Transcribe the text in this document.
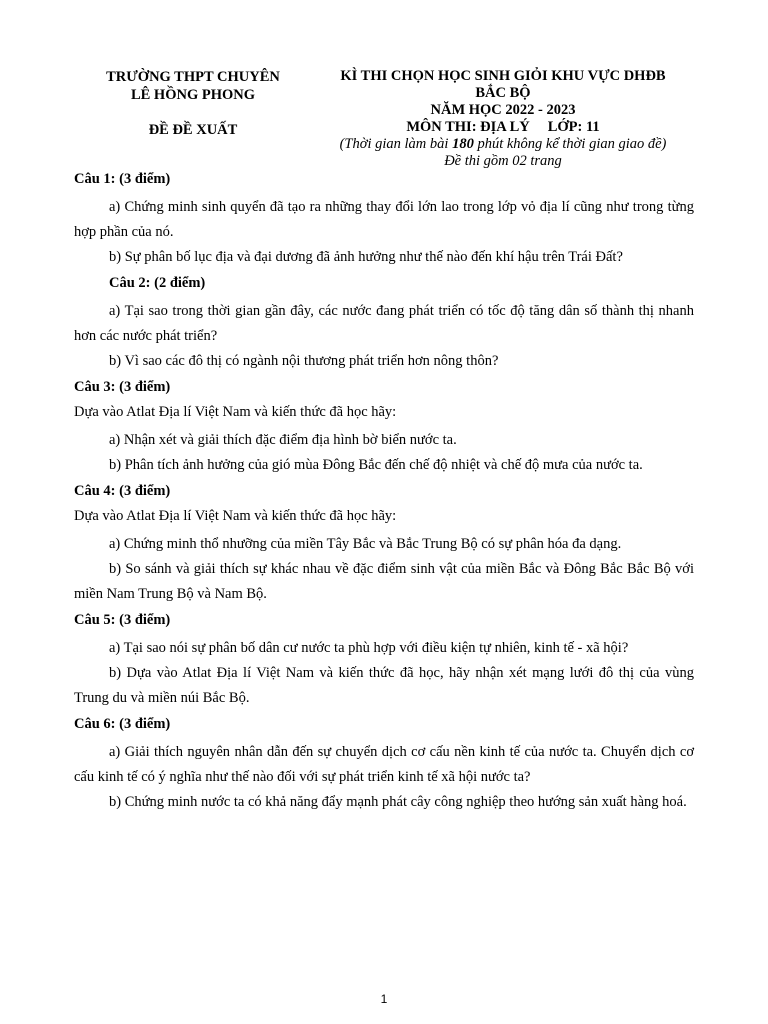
TRƯỜNG THPT CHUYÊN
LÊ HỒNG PHONG
ĐỀ ĐỀ XUẤT
KÌ THI CHỌN HỌC SINH GIỎI KHU VỰC DHĐB
BẮC BỘ
NĂM HỌC 2022 - 2023
MÔN THI: ĐỊA LÝ LỚP: 11
(Thời gian làm bài 180 phút không kể thời gian giao đề)
Đề thi gồm 02 trang
Câu 1: (3 điểm)
a) Chứng minh sinh quyển đã tạo ra những thay đổi lớn lao trong lớp vỏ địa lí cũng như trong từng hợp phần của nó.
b) Sự phân bố lục địa và đại dương đã ảnh hưởng như thế nào đến khí hậu trên Trái Đất?
Câu 2: (2 điểm)
a) Tại sao trong thời gian gần đây, các nước đang phát triển có tốc độ tăng dân số thành thị nhanh hơn các nước phát triển?
b) Vì sao các đô thị có ngành nội thương phát triển hơn nông thôn?
Câu 3: (3 điểm)
Dựa vào Atlat Địa lí Việt Nam và kiến thức đã học hãy:
a) Nhận xét và giải thích đặc điểm địa hình bờ biển nước ta.
b) Phân tích ảnh hưởng của gió mùa Đông Bắc đến chế độ nhiệt và chế độ mưa của nước ta.
Câu 4: (3 điểm)
Dựa vào Atlat Địa lí Việt Nam và kiến thức đã học hãy:
a) Chứng minh thổ nhưỡng của miền Tây Bắc và Bắc Trung Bộ có sự phân hóa đa dạng.
b) So sánh và giải thích sự khác nhau về đặc điểm sinh vật của miền Bắc và Đông Bắc Bắc Bộ với miền Nam Trung Bộ và Nam Bộ.
Câu 5: (3 điểm)
a) Tại sao nói sự phân bố dân cư nước ta phù hợp với điều kiện tự nhiên, kinh tế - xã hội?
b) Dựa vào Atlat Địa lí Việt Nam và kiến thức đã học, hãy nhận xét mạng lưới đô thị của vùng Trung du và miền núi Bắc Bộ.
Câu 6: (3 điểm)
a) Giải thích nguyên nhân dẫn đến sự chuyển dịch cơ cấu nền kinh tế của nước ta. Chuyển dịch cơ cấu kinh tế có ý nghĩa như thế nào đối với sự phát triển kinh tế xã hội nước ta?
b) Chứng minh nước ta có khả năng đẩy mạnh phát cây công nghiệp theo hướng sản xuất hàng hoá.
1
